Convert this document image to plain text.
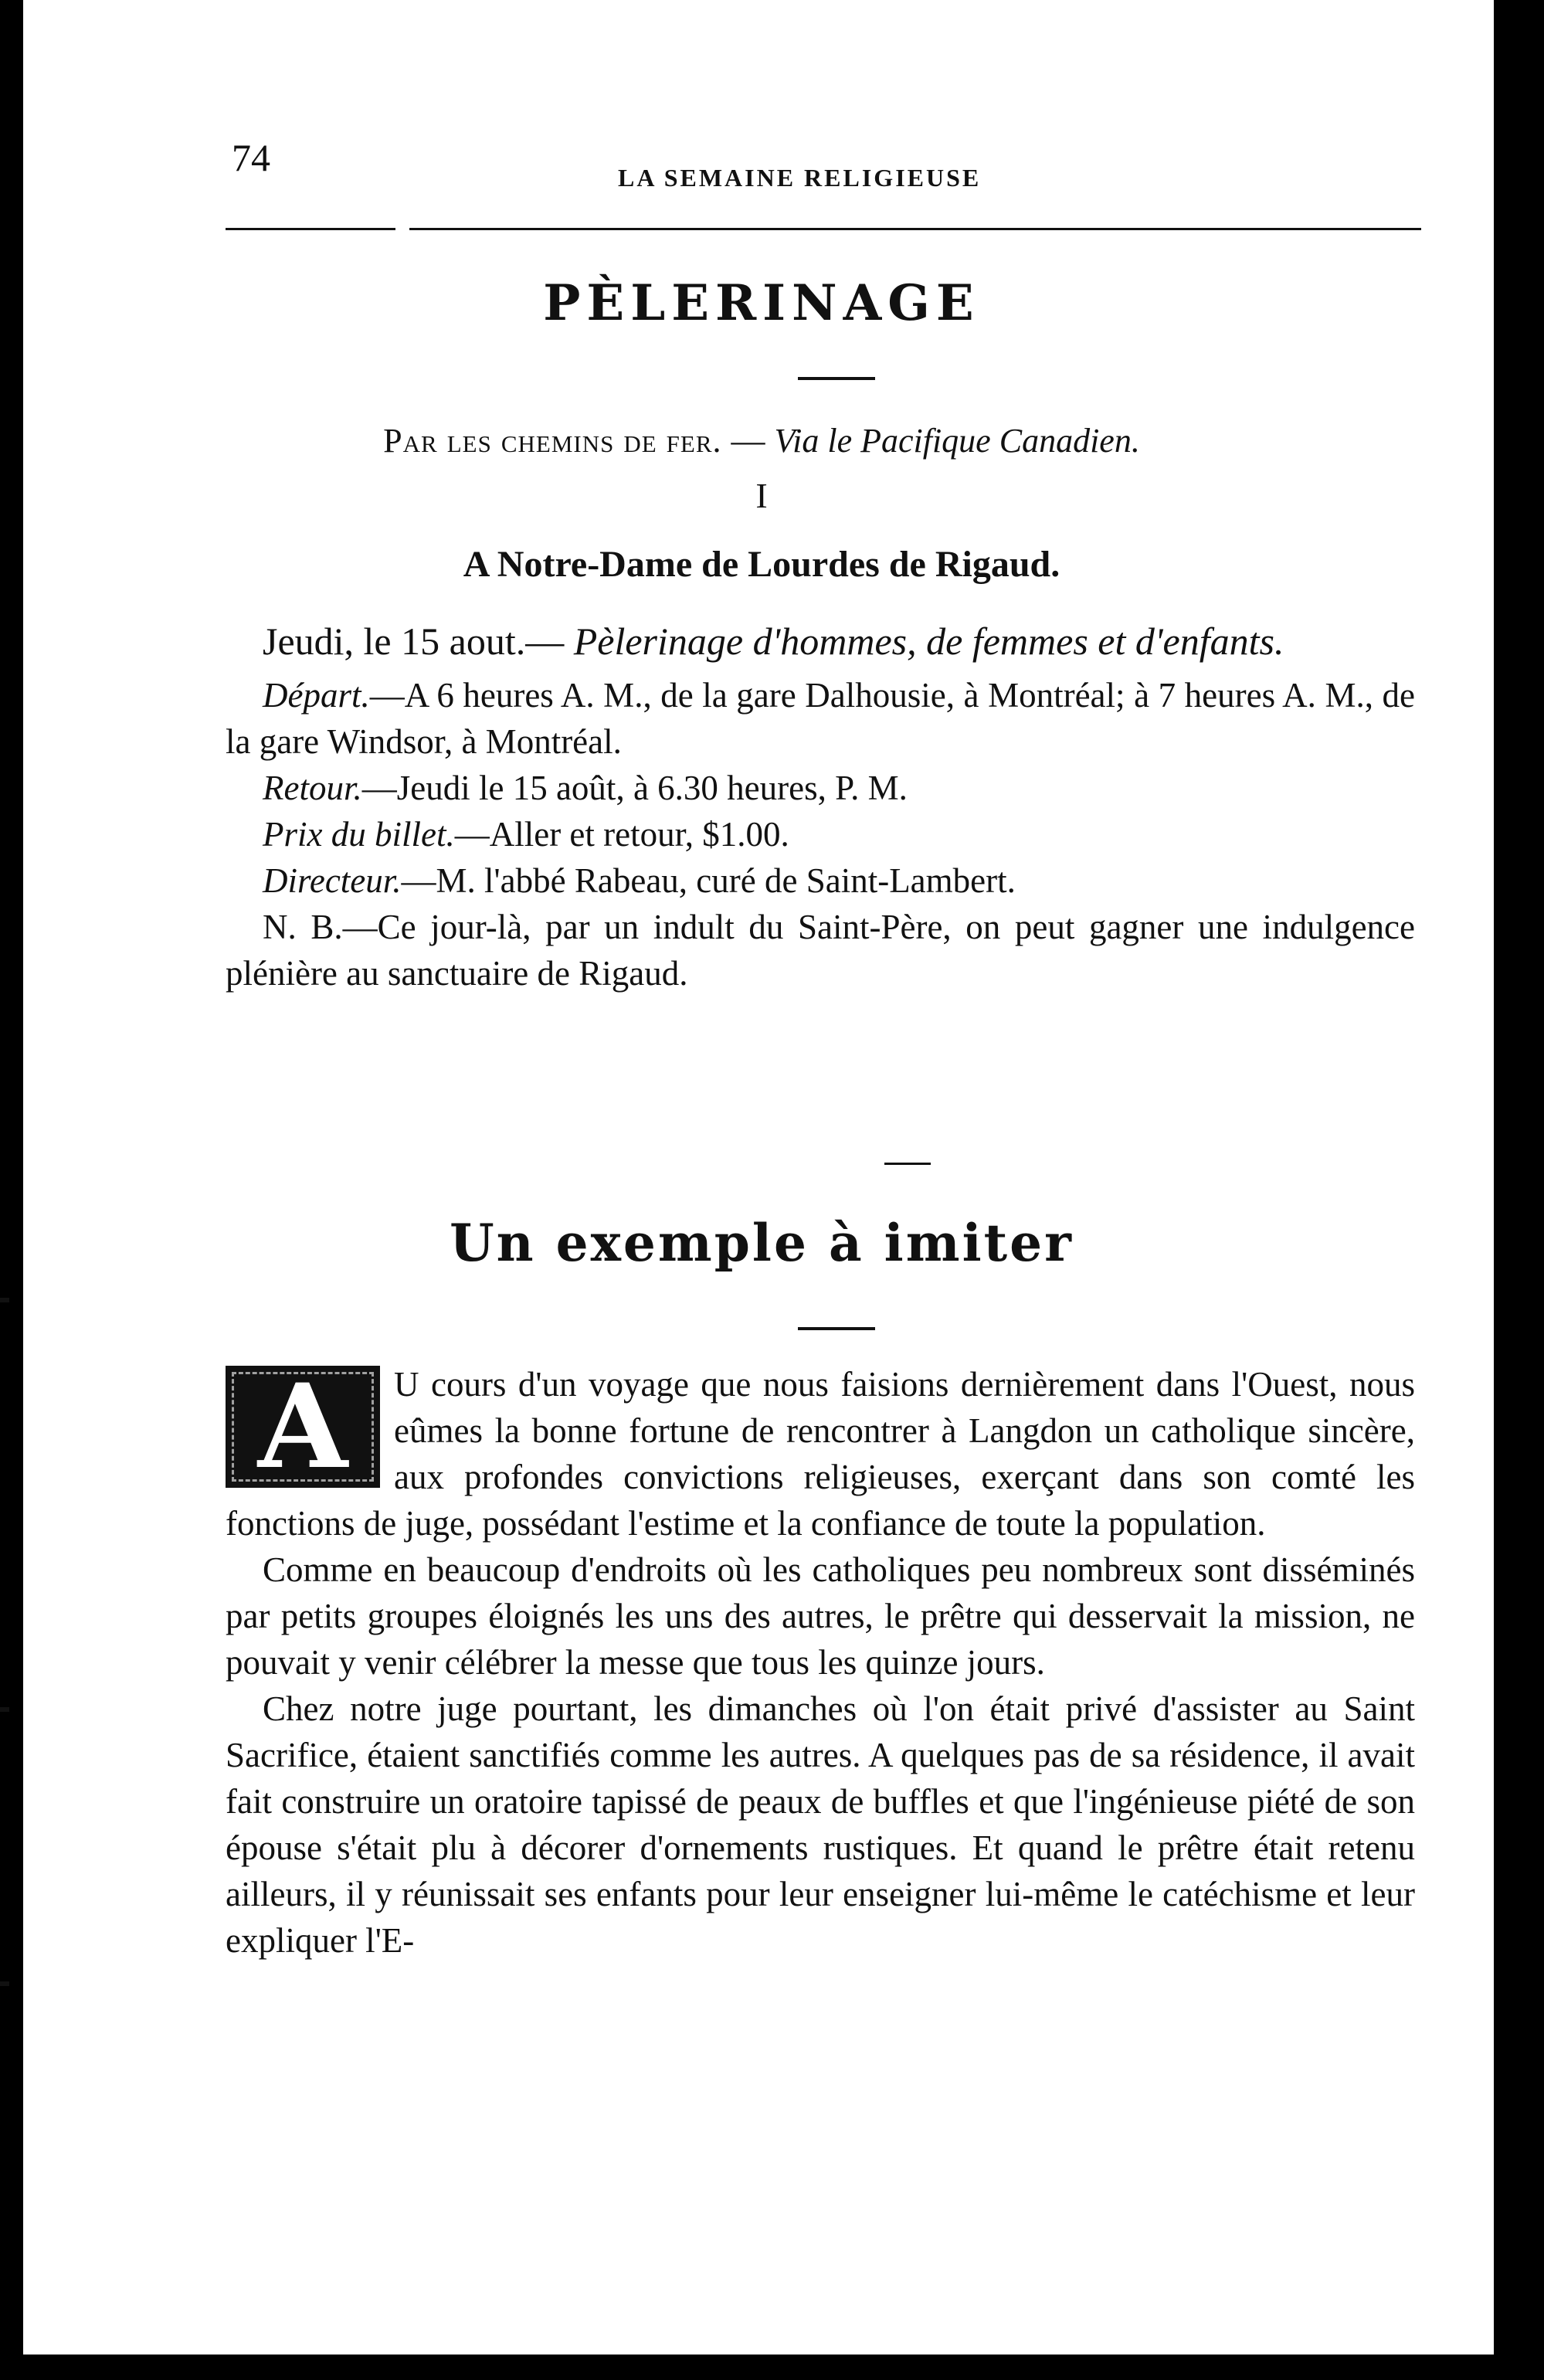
74	LA SEMAINE RELIGIEUSE
PÈLERINAGE
Par les chemins de fer. — Via le Pacifique Canadien.
I
A Notre-Dame de Lourdes de Rigaud.

Jeudi, le 15 aout.— Pèlerinage d'hommes, de femmes et d'enfants.

Départ.—A 6 heures A. M., de la gare Dalhousie, à Montréal; à 7 heures A. M., de la gare Windsor, à Montréal.

Retour.—Jeudi le 15 août, à 6.30 heures, P. M.

Prix du billet.—Aller et retour, $1.00.

Directeur.—M. l'abbé Rabeau, curé de Saint-Lambert.

N. B.—Ce jour-là, par un indult du Saint-Père, on peut gagner une indulgence plénière au sanctuaire de Rigaud.

Un exemple à imiter
A	U cours d'un voyage que nous faisions dernièrement dans l'Ouest, nous eûmes la bonne fortune de rencontrer à Langdon un catholique sincère, aux profondes convictions religieuses, exerçant dans son comté les fonctions de juge, possédant l'estime et la confiance de toute la population.

Comme en beaucoup d'endroits où les catholiques peu nombreux sont disséminés par petits groupes éloignés les uns des autres, le prêtre qui desservait la mission, ne pouvait y venir célébrer la messe que tous les quinze jours.

Chez notre juge pourtant, les dimanches où l'on était privé d'assister au Saint Sacrifice, étaient sanctifiés comme les autres. A quelques pas de sa résidence, il avait fait construire un oratoire tapissé de peaux de buffles et que l'ingénieuse piété de son épouse s'était plu à décorer d'ornements rustiques. Et quand le prêtre était retenu ailleurs, il y réunissait ses enfants pour leur enseigner lui-même le catéchisme et leur expliquer l'E-
